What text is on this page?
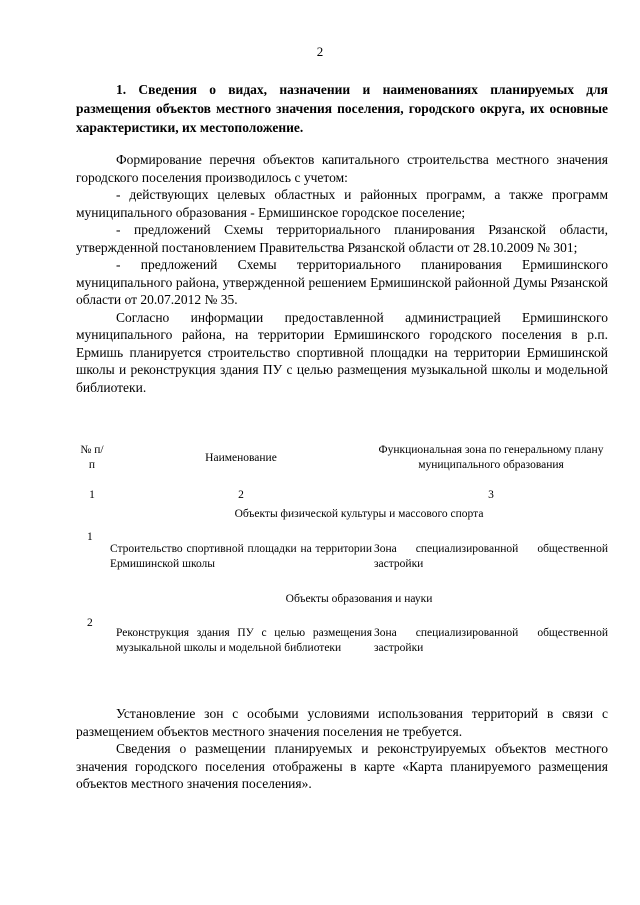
2
1. Сведения о видах, назначении и наименованиях планируемых для размещения объектов местного значения поселения, городского округа, их основные характеристики, их местоположение.

Формирование перечня объектов капитального строительства местного значения городского поселения производилось с учетом:

- действующих целевых областных и районных программ, а также программ муниципального образования - Ермишинское городское поселение;

- предложений Схемы территориального планирования Рязанской области, утвержденной постановлением Правительства Рязанской области от 28.10.2009 № 301;

- предложений Схемы территориального планирования Ермишинского муниципального района, утвержденной решением Ермишинской районной Думы Рязанской области от 20.07.2012 № 35.

Согласно информации предоставленной администрацией Ермишинского муниципального района, на территории Ермишинского городского поселения в р.п. Ермишь планируется строительство спортивной площадки на территории Ермишинской школы и реконструкция здания ПУ с целью размещения музыкальной школы и модельной библиотеки.

№ п/п
Наименование
Функциональная зона по генеральному плану муниципального образования
1	2	3
Объекты физической культуры и массового спорта
1
Строительство спортивной площадки на территории Ермишинской школы
Зона специализированной общественной застройки
Объекты образования и науки
2
Реконструкция здания ПУ с целью размещения музыкальной школы и модельной библиотеки
Зона специализированной общественной застройки

Установление зон с особыми условиями использования территорий в связи с размещением объектов местного значения поселения не требуется.

Сведения о размещении планируемых и реконструируемых объектов местного значения городского поселения отображены в карте «Карта планируемого размещения объектов местного значения поселения».
